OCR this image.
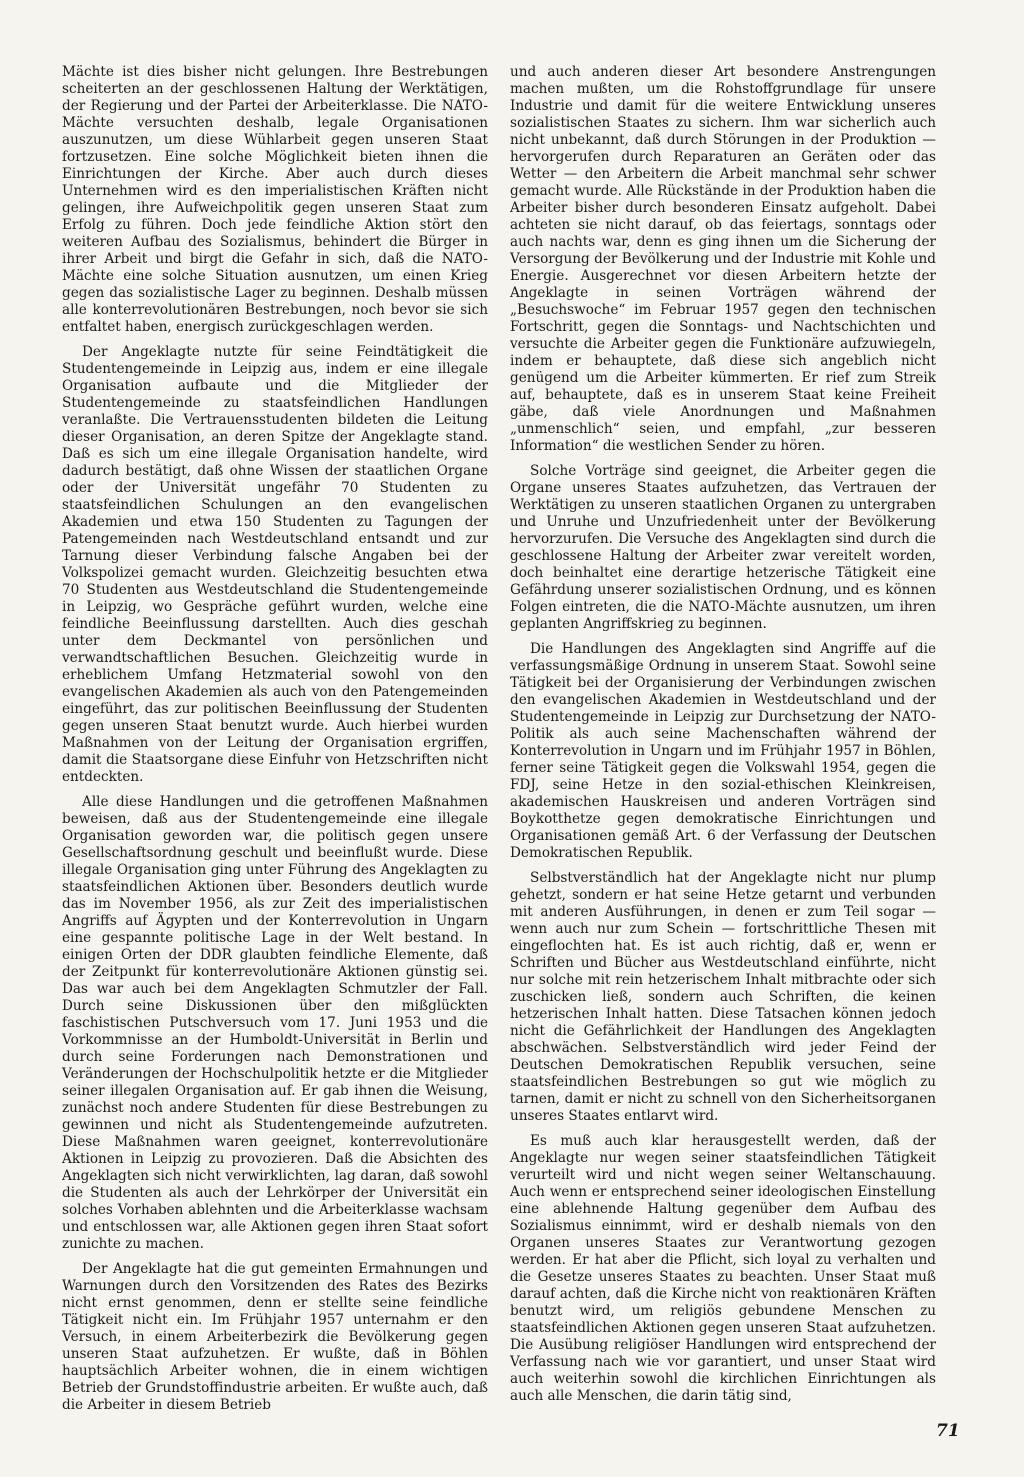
Mächte ist dies bisher nicht gelungen. Ihre Bestrebungen scheiterten an der geschlossenen Haltung der Werktätigen, der Regierung und der Partei der Arbeiterklasse. Die NATO-Mächte versuchten deshalb, legale Organisationen auszunutzen, um diese Wühlarbeit gegen unseren Staat fortzusetzen. Eine solche Möglichkeit bieten ihnen die Einrichtungen der Kirche. Aber auch durch dieses Unternehmen wird es den imperialistischen Kräften nicht gelingen, ihre Aufweichpolitik gegen unseren Staat zum Erfolg zu führen. Doch jede feindliche Aktion stört den weiteren Aufbau des Sozialismus, behindert die Bürger in ihrer Arbeit und birgt die Gefahr in sich, daß die NATO-Mächte eine solche Situation ausnutzen, um einen Krieg gegen das sozialistische Lager zu beginnen. Deshalb müssen alle konterrevolutionären Bestrebungen, noch bevor sie sich entfaltet haben, energisch zurückgeschlagen werden.

Der Angeklagte nutzte für seine Feindtätigkeit die Studentengemeinde in Leipzig aus, indem er eine illegale Organisation aufbaute und die Mitglieder der Studentengemeinde zu staatsfeindlichen Handlungen veranlaßte. Die Vertrauensstudenten bildeten die Leitung dieser Organisation, an deren Spitze der Angeklagte stand. Daß es sich um eine illegale Organisation handelte, wird dadurch bestätigt, daß ohne Wissen der staatlichen Organe oder der Universität ungefähr 70 Studenten zu staatsfeindlichen Schulungen an den evangelischen Akademien und etwa 150 Studenten zu Tagungen der Patengemeinden nach Westdeutschland entsandt und zur Tarnung dieser Verbindung falsche Angaben bei der Volkspolizei gemacht wurden. Gleichzeitig besuchten etwa 70 Studenten aus Westdeutschland die Studentengemeinde in Leipzig, wo Gespräche geführt wurden, welche eine feindliche Beeinflussung darstellten. Auch dies geschah unter dem Deckmantel von persönlichen und verwandtschaftlichen Besuchen. Gleichzeitig wurde in erheblichem Umfang Hetzmaterial sowohl von den evangelischen Akademien als auch von den Patengemeinden eingeführt, das zur politischen Beeinflussung der Studenten gegen unseren Staat benutzt wurde. Auch hierbei wurden Maßnahmen von der Leitung der Organisation ergriffen, damit die Staatsorgane diese Einfuhr von Hetzschriften nicht entdeckten.

Alle diese Handlungen und die getroffenen Maßnahmen beweisen, daß aus der Studentengemeinde eine illegale Organisation geworden war, die politisch gegen unsere Gesellschaftsordnung geschult und beeinflußt wurde. Diese illegale Organisation ging unter Führung des Angeklagten zu staatsfeindlichen Aktionen über. Besonders deutlich wurde das im November 1956, als zur Zeit des imperialistischen Angriffs auf Ägypten und der Konterrevolution in Ungarn eine gespannte politische Lage in der Welt bestand. In einigen Orten der DDR glaubten feindliche Elemente, daß der Zeitpunkt für konterrevolutionäre Aktionen günstig sei. Das war auch bei dem Angeklagten Schmutzler der Fall. Durch seine Diskussionen über den mißglückten faschistischen Putschversuch vom 17. Juni 1953 und die Vorkommnisse an der Humboldt-Universität in Berlin und durch seine Forderungen nach Demonstrationen und Veränderungen der Hochschulpolitik hetzte er die Mitglieder seiner illegalen Organisation auf. Er gab ihnen die Weisung, zunächst noch andere Studenten für diese Bestrebungen zu gewinnen und nicht als Studentengemeinde aufzutreten. Diese Maßnahmen waren geeignet, konterrevolutionäre Aktionen in Leipzig zu provozieren. Daß die Absichten des Angeklagten sich nicht verwirklichten, lag daran, daß sowohl die Studenten als auch der Lehrkörper der Universität ein solches Vorhaben ablehnten und die Arbeiterklasse wachsam und entschlossen war, alle Aktionen gegen ihren Staat sofort zunichte zu machen.

Der Angeklagte hat die gut gemeinten Ermahnungen und Warnungen durch den Vorsitzenden des Rates des Bezirks nicht ernst genommen, denn er stellte seine feindliche Tätigkeit nicht ein. Im Frühjahr 1957 unternahm er den Versuch, in einem Arbeiterbezirk die Bevölkerung gegen unseren Staat aufzuhetzen. Er wußte, daß in Böhlen hauptsächlich Arbeiter wohnen, die in einem wichtigen Betrieb der Grundstoffindustrie arbeiten. Er wußte auch, daß die Arbeiter in diesem Betrieb

und auch anderen dieser Art besondere Anstrengungen machen mußten, um die Rohstoffgrundlage für unsere Industrie und damit für die weitere Entwicklung unseres sozialistischen Staates zu sichern. Ihm war sicherlich auch nicht unbekannt, daß durch Störungen in der Produktion — hervorgerufen durch Reparaturen an Geräten oder das Wetter — den Arbeitern die Arbeit manchmal sehr schwer gemacht wurde. Alle Rückstände in der Produktion haben die Arbeiter bisher durch besonderen Einsatz aufgeholt. Dabei achteten sie nicht darauf, ob das feiertags, sonntags oder auch nachts war, denn es ging ihnen um die Sicherung der Versorgung der Bevölkerung und der Industrie mit Kohle und Energie. Ausgerechnet vor diesen Arbeitern hetzte der Angeklagte in seinen Vorträgen während der „Besuchswoche“ im Februar 1957 gegen den technischen Fortschritt, gegen die Sonntags- und Nachtschichten und versuchte die Arbeiter gegen die Funktionäre aufzuwiegeln, indem er behauptete, daß diese sich angeblich nicht genügend um die Arbeiter kümmerten. Er rief zum Streik auf, behauptete, daß es in unserem Staat keine Freiheit gäbe, daß viele Anordnungen und Maßnahmen „unmenschlich“ seien, und empfahl, „zur besseren Information“ die westlichen Sender zu hören.

Solche Vorträge sind geeignet, die Arbeiter gegen die Organe unseres Staates aufzuhetzen, das Vertrauen der Werktätigen zu unseren staatlichen Organen zu untergraben und Unruhe und Unzufriedenheit unter der Bevölkerung hervorzurufen. Die Versuche des Angeklagten sind durch die geschlossene Haltung der Arbeiter zwar vereitelt worden, doch beinhaltet eine derartige hetzerische Tätigkeit eine Gefährdung unserer sozialistischen Ordnung, und es können Folgen eintreten, die die NATO-Mächte ausnutzen, um ihren geplanten Angriffskrieg zu beginnen.

Die Handlungen des Angeklagten sind Angriffe auf die verfassungsmäßige Ordnung in unserem Staat. Sowohl seine Tätigkeit bei der Organisierung der Verbindungen zwischen den evangelischen Akademien in Westdeutschland und der Studentengemeinde in Leipzig zur Durchsetzung der NATO-Politik als auch seine Machenschaften während der Konterrevolution in Ungarn und im Frühjahr 1957 in Böhlen, ferner seine Tätigkeit gegen die Volkswahl 1954, gegen die FDJ, seine Hetze in den sozial-ethischen Kleinkreisen, akademischen Hauskreisen und anderen Vorträgen sind Boykotthetze gegen demokratische Einrichtungen und Organisationen gemäß Art. 6 der Verfassung der Deutschen Demokratischen Republik.

Selbstverständlich hat der Angeklagte nicht nur plump gehetzt, sondern er hat seine Hetze getarnt und verbunden mit anderen Ausführungen, in denen er zum Teil sogar — wenn auch nur zum Schein — fortschrittliche Thesen mit eingeflochten hat. Es ist auch richtig, daß er, wenn er Schriften und Bücher aus Westdeutschland einführte, nicht nur solche mit rein hetzerischem Inhalt mitbrachte oder sich zuschicken ließ, sondern auch Schriften, die keinen hetzerischen Inhalt hatten. Diese Tatsachen können jedoch nicht die Gefährlichkeit der Handlungen des Angeklagten abschwächen. Selbstverständlich wird jeder Feind der Deutschen Demokratischen Republik versuchen, seine staatsfeindlichen Bestrebungen so gut wie möglich zu tarnen, damit er nicht zu schnell von den Sicherheitsorganen unseres Staates entlarvt wird.

Es muß auch klar herausgestellt werden, daß der Angeklagte nur wegen seiner staatsfeindlichen Tätigkeit verurteilt wird und nicht wegen seiner Weltanschauung. Auch wenn er entsprechend seiner ideologischen Einstellung eine ablehnende Haltung gegenüber dem Aufbau des Sozialismus einnimmt, wird er deshalb niemals von den Organen unseres Staates zur Verantwortung gezogen werden. Er hat aber die Pflicht, sich loyal zu verhalten und die Gesetze unseres Staates zu beachten. Unser Staat muß darauf achten, daß die Kirche nicht von reaktionären Kräften benutzt wird, um religiös gebundene Menschen zu staatsfeindlichen Aktionen gegen unseren Staat aufzuhetzen. Die Ausübung religiöser Handlungen wird entsprechend der Verfassung nach wie vor garantiert, und unser Staat wird auch weiterhin sowohl die kirchlichen Einrichtungen als auch alle Menschen, die darin tätig sind,

71
